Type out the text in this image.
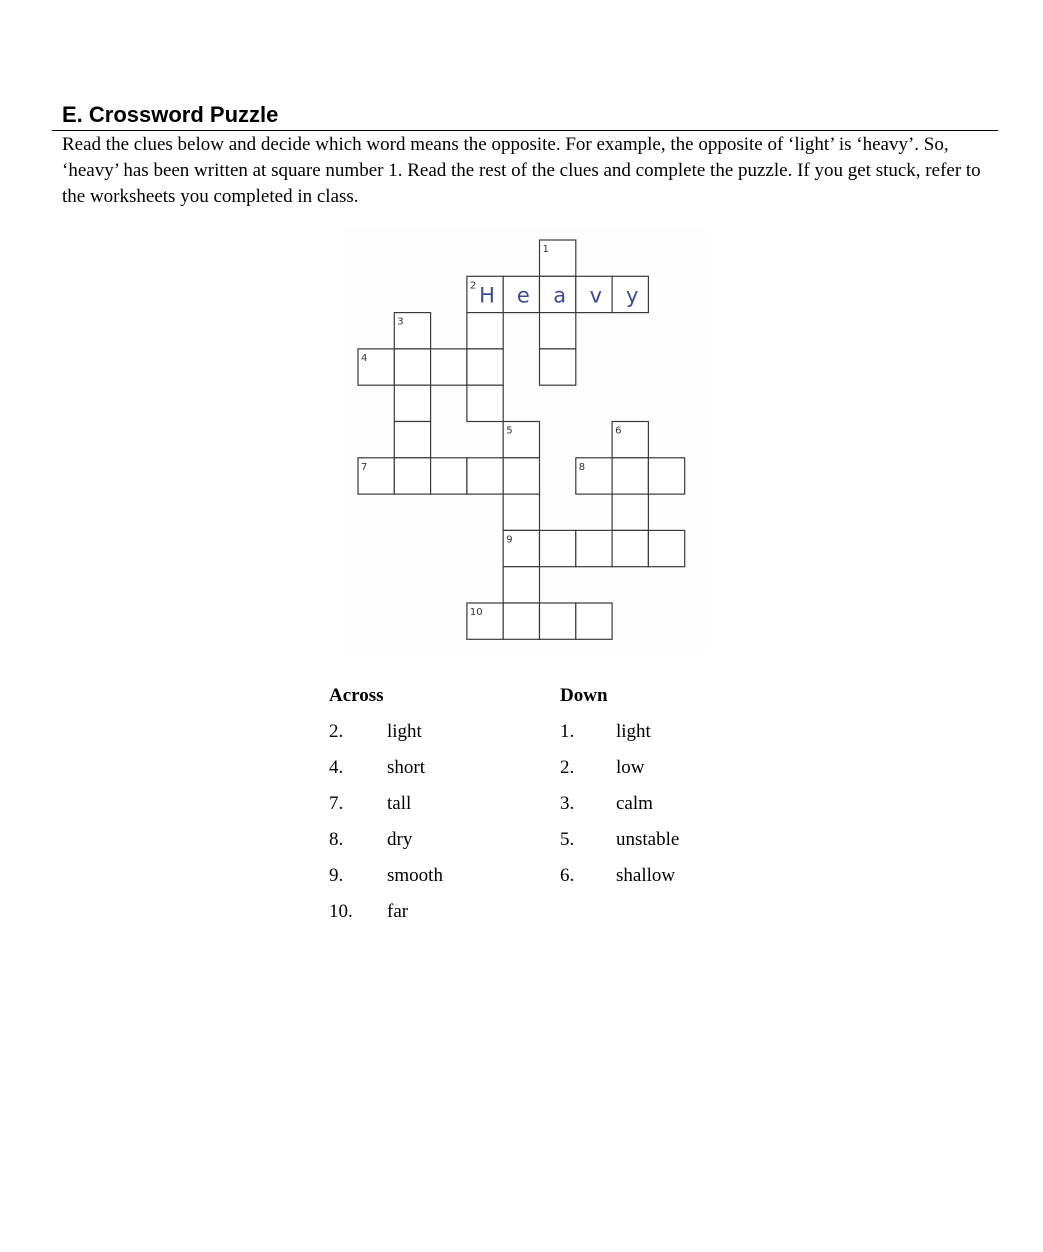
E. Crossword Puzzle

Read the clues below and decide which word means the opposite. For example, the opposite of ‘light’ is ‘heavy’. So, ‘heavy’ has been written at square number 1. Read the rest of the clues and complete the puzzle. If you get stuck, refer to the worksheets you completed in class.

1
2
3
4
5	6
7	8
9
10
H e a v y
Across
2. light
4. short
7. tall
8. dry
9. smooth
10. far
Down
1. light
2. low
3. calm
5. unstable
6. shallow
